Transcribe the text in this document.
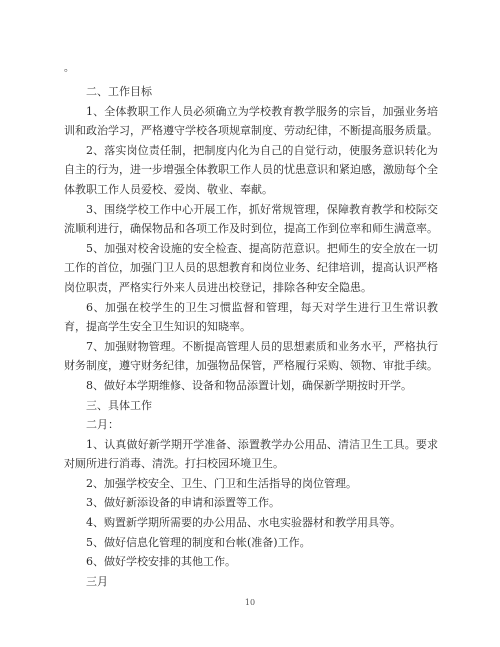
。

二、工作目标

1、全体教职工作人员必须确立为学校教育教学服务的宗旨，加强业务培训和政治学习，严格遵守学校各项规章制度、劳动纪律，不断提高服务质量。

2、落实岗位责任制，把制度内化为自己的自觉行动，使服务意识转化为自主的行为，进一步增强全体教职工作人员的忧患意识和紧迫感，激励每个全体教职工作人员爱校、爱岗、敬业、奉献。

3、围绕学校工作中心开展工作，抓好常规管理，保障教育教学和校际交流顺利进行，确保物品和各项工作及时到位，提高工作到位率和师生满意率。

5、加强对校舍设施的安全检查、提高防范意识。把师生的安全放在一切工作的首位，加强门卫人员的思想教育和岗位业务、纪律培训，提高认识严格岗位职责，严格实行外来人员进出校登记，排除各种安全隐患。

6、加强在校学生的卫生习惯监督和管理，每天对学生进行卫生常识教育，提高学生安全卫生知识的知晓率。

7、加强财物管理。不断提高管理人员的思想素质和业务水平，严格执行财务制度，遵守财务纪律，加强物品保管，严格履行采购、领物、审批手续。

8、做好本学期维修、设备和物品添置计划，确保新学期按时开学。

三、具体工作

二月：

1、认真做好新学期开学准备、添置教学办公用品、清洁卫生工具。要求对厕所进行消毒、清洗。打扫校园环境卫生。

2、加强学校安全、卫生、门卫和生活指导的岗位管理。

3、做好新添设备的申请和添置等工作。

4、购置新学期所需要的办公用品、水电实验器材和教学用具等。

5、做好信息化管理的制度和台帐(准备)工作。

6、做好学校安排的其他工作。

三月

10
